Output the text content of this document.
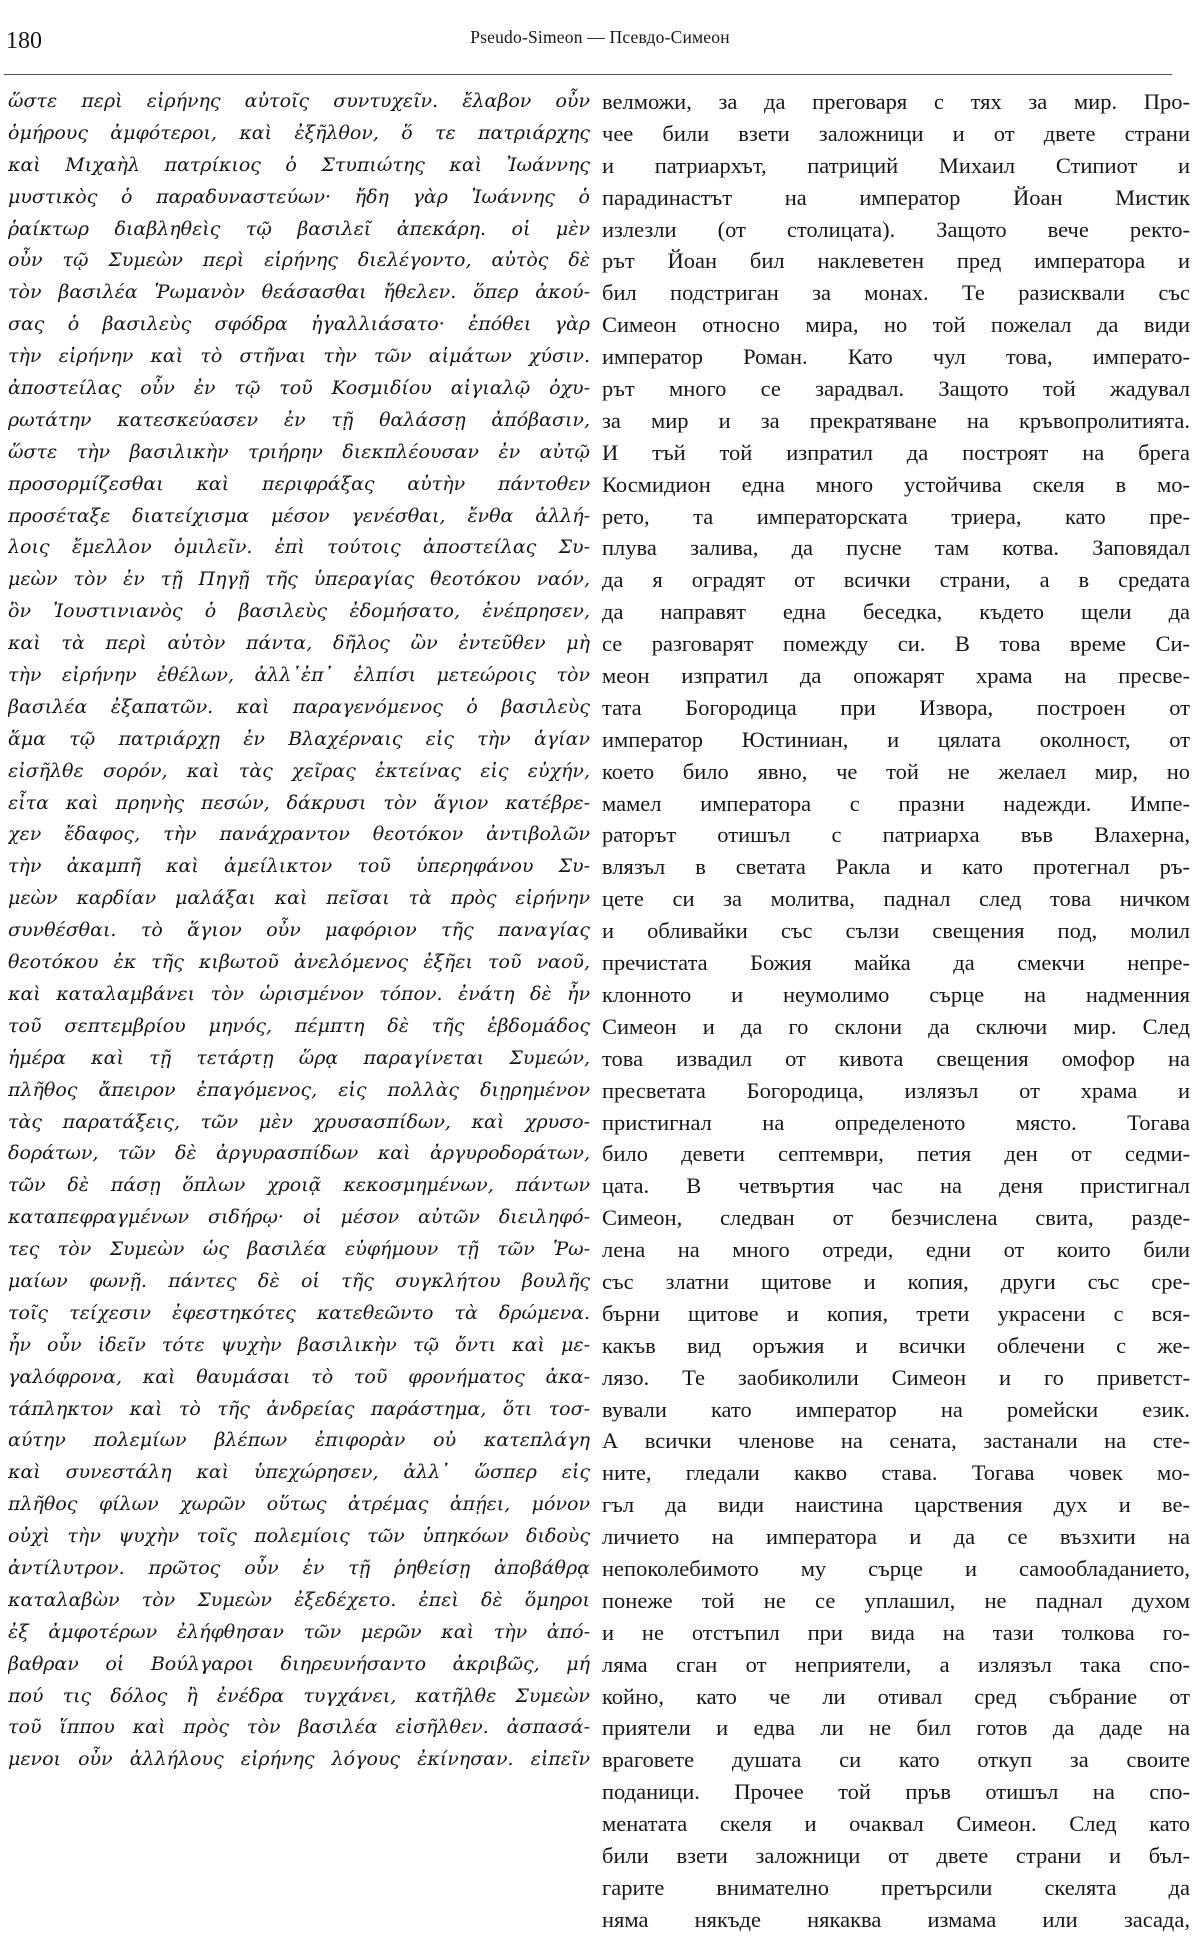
180	Pseudo-Simeon — Псевдо-Симеон
ὥστε περὶ εἰρήνης αὐτοῖς συντυχεῖν. ἔλαβον οὖν
ὁμήρους ἀμφότεροι, καὶ ἐξῆλθον, ὅ τε πατριάρχης
καὶ Μιχαὴλ πατρίκιος ὁ Στυπιώτης καὶ Ἰωάννης
μυστικὸς ὁ παραδυναστεύων· ἤδη γὰρ Ἰωάννης ὁ
ῥαίκτωρ διαβληθεὶς τῷ βασιλεῖ ἀπεκάρη. οἱ μὲν
οὖν τῷ Συμεὼν περὶ εἰρήνης διελέγοντο, αὐτὸς δὲ
τὸν βασιλέα Ῥωμανὸν θεάσασθαι ἤθελεν. ὅπερ ἀκού-
σας ὁ βασιλεὺς σφόδρα ἠγαλλιάσατο· ἐπόθει γὰρ
τὴν εἰρήνην καὶ τὸ στῆναι τὴν τῶν αἱμάτων χύσιν.
ἀποστείλας οὖν ἐν τῷ τοῦ Κοσμιδίου αἰγιαλῷ ὀχυ-
ρωτάτην κατεσκεύασεν ἐν τῇ θαλάσσῃ ἀπόβασιν,
ὥστε τὴν βασιλικὴν τριήρην διεκπλέουσαν ἐν αὐτῷ
προσορμίζεσθαι καὶ περιφράξας αὐτὴν πάντοθεν
προσέταξε διατείχισμα μέσον γενέσθαι, ἔνθα ἀλλή-
λοις ἔμελλον ὁμιλεῖν. ἐπὶ τούτοις ἀποστείλας Συ-
μεὼν τὸν ἐν τῇ Πηγῇ τῆς ὑπεραγίας θεοτόκου ναόν,
ὃν Ἰουστινιανὸς ὁ βασιλεὺς ἐδομήσατο, ἐνέπρησεν,
καὶ τὰ περὶ αὐτὸν πάντα, δῆλος ὢν ἐντεῦθεν μὴ
τὴν εἰρήνην ἐθέλων, ἀλλ᾽ἐπ᾽ ἐλπίσι μετεώροις τὸν
βασιλέα ἐξαπατῶν. καὶ παραγενόμενος ὁ βασιλεὺς
ἅμα τῷ πατριάρχῃ ἐν Βλαχέρναις εἰς τὴν ἁγίαν
εἰσῆλθε σορόν, καὶ τὰς χεῖρας ἐκτείνας εἰς εὐχήν,
εἶτα καὶ πρηνὴς πεσών, δάκρυσι τὸν ἅγιον κατέβρε-
χεν ἔδαφος, τὴν πανάχραντον θεοτόκον ἀντιβολῶν
τὴν ἀκαμπῆ καὶ ἀμείλικτον τοῦ ὑπερηφάνου Συ-
μεὼν καρδίαν μαλάξαι καὶ πεῖσαι τὰ πρὸς εἰρήνην
συνθέσθαι. τὸ ἅγιον οὖν μαφόριον τῆς παναγίας
θεοτόκου ἐκ τῆς κιβωτοῦ ἀνελόμενος ἐξῆει τοῦ ναοῦ,
καὶ καταλαμβάνει τὸν ὡρισμένον τόπον. ἐνάτη δὲ ἦν
τοῦ σεπτεμβρίου μηνός, πέμπτη δὲ τῆς ἑβδομάδος
ἡμέρα καὶ τῇ τετάρτῃ ὥρᾳ παραγίνεται Συμεών,
πλῆθος ἄπειρον ἐπαγόμενος, εἰς πολλὰς διῃρημένον
τὰς παρατάξεις, τῶν μὲν χρυσασπίδων, καὶ χρυσο-
δοράτων, τῶν δὲ ἀργυρασπίδων καὶ ἀργυροδοράτων,
τῶν δὲ πάσῃ ὅπλων χροιᾷ κεκοσμημένων, πάντων
καταπεφραγμένων σιδήρῳ· οἱ μέσον αὐτῶν διειληφό-
τες τὸν Συμεὼν ὡς βασιλέα εὐφήμουν τῇ τῶν Ῥω-
μαίων φωνῇ. πάντες δὲ οἱ τῆς συγκλήτου βουλῆς
τοῖς τείχεσιν ἐφεστηκότες κατεθεῶντο τὰ δρώμενα.
ἦν οὖν ἰδεῖν τότε ψυχὴν βασιλικὴν τῷ ὄντι καὶ με-
γαλόφρονα, καὶ θαυμάσαι τὸ τοῦ φρονήματος ἀκα-
τάπληκτον καὶ τὸ τῆς ἀνδρείας παράστημα, ὅτι τοσ-
αύτην πολεμίων βλέπων ἐπιφορὰν οὐ κατεπλάγη
καὶ συνεστάλη καὶ ὑπεχώρησεν, ἀλλ᾽ ὥσπερ εἰς
πλῆθος φίλων χωρῶν οὕτως ἀτρέμας ἀπῄει, μόνον
οὐχὶ τὴν ψυχὴν τοῖς πολεμίοις τῶν ὑπηκόων διδοὺς
ἀντίλυτρον. πρῶτος οὖν ἐν τῇ ῥηθείσῃ ἀποβάθρᾳ
καταλαβὼν τὸν Συμεὼν ἐξεδέχετο. ἐπεὶ δὲ ὅμηροι
ἐξ ἀμφοτέρων ἐλήφθησαν τῶν μερῶν καὶ τὴν ἀπό-
βαθραν οἱ Βούλγαροι διηρευνήσαντο ἀκριβῶς, μή
πού τις δόλος ἢ ἐνέδρα τυγχάνει, κατῆλθε Συμεὼν
τοῦ ἵππου καὶ πρὸς τὸν βασιλέα εἰσῆλθεν. ἀσπασά-
μενοι οὖν ἀλλήλους εἰρήνης λόγους ἐκίνησαν. εἰπεῖν
велможи, за да преговаря с тях за мир. Про-
чее били взети заложници и от двете страни
и патриархът, патриций Михаил Стипиот и
парадинастът на император Йоан Мистик
излезли (от столицата). Защото вече ректо-
рът Йоан бил наклеветен пред императора и
бил подстриган за монах. Те разисквали със
Симеон относно мира, но той пожелал да види
император Роман. Като чул това, императо-
рът много се зарадвал. Защото той жадувал
за мир и за прекратяване на кръвопролитията.
И тъй той изпратил да построят на брега
Космидион една много устойчива скеля в мо-
рето, та императорската триера, като пре-
плува залива, да пусне там котва. Заповядал
да я оградят от всички страни, а в средата
да направят една беседка, където щели да
се разговарят помежду си. В това време Си-
меон изпратил да опожарят храма на пресве-
тата Богородица при Извора, построен от
император Юстиниан, и цялата околност, от
което било явно, че той не желаел мир, но
мамел императора с празни надежди. Импе-
раторът отишъл с патриарха във Влахерна,
влязъл в светата Ракла и като протегнал ръ-
цете си за молитва, паднал след това ничком
и обливайки със сълзи свещения под, молил
пречистата Божия майка да смекчи непре-
клонното и неумолимо сърце на надменния
Симеон и да го склони да сключи мир. След
това извадил от кивота свещения омофор на
пресветата Богородица, излязъл от храма и
пристигнал на определеното място. Тогава
било девети септември, петия ден от седми-
цата. В четвъртия час на деня пристигнал
Симеон, следван от безчислена свита, разде-
лена на много отреди, едни от които били
със златни щитове и копия, други със сре-
бърни щитове и копия, трети украсени с вся-
какъв вид оръжия и всички облечени с же-
лязо. Те заобиколили Симеон и го приветст-
вували като император на ромейски език.
А всички членове на сената, застанали на сте-
ните, гледали какво става. Тогава човек мо-
гъл да види наистина царствения дух и ве-
личието на императора и да се възхити на
непоколебимото му сърце и самообладанието,
понеже той не се уплашил, не паднал духом
и не отстъпил при вида на тази толкова го-
ляма сган от неприятели, а излязъл така спо-
койно, като че ли отивал сред събрание от
приятели и едва ли не бил готов да даде на
враговете душата си като откуп за своите
поданици. Прочее той пръв отишъл на спо-
менатата скеля и очаквал Симеон. След като
били взети заложници от двете страни и бъл-
гарите внимателно претърсили скелята да
няма някъде някаква измама или засада,
